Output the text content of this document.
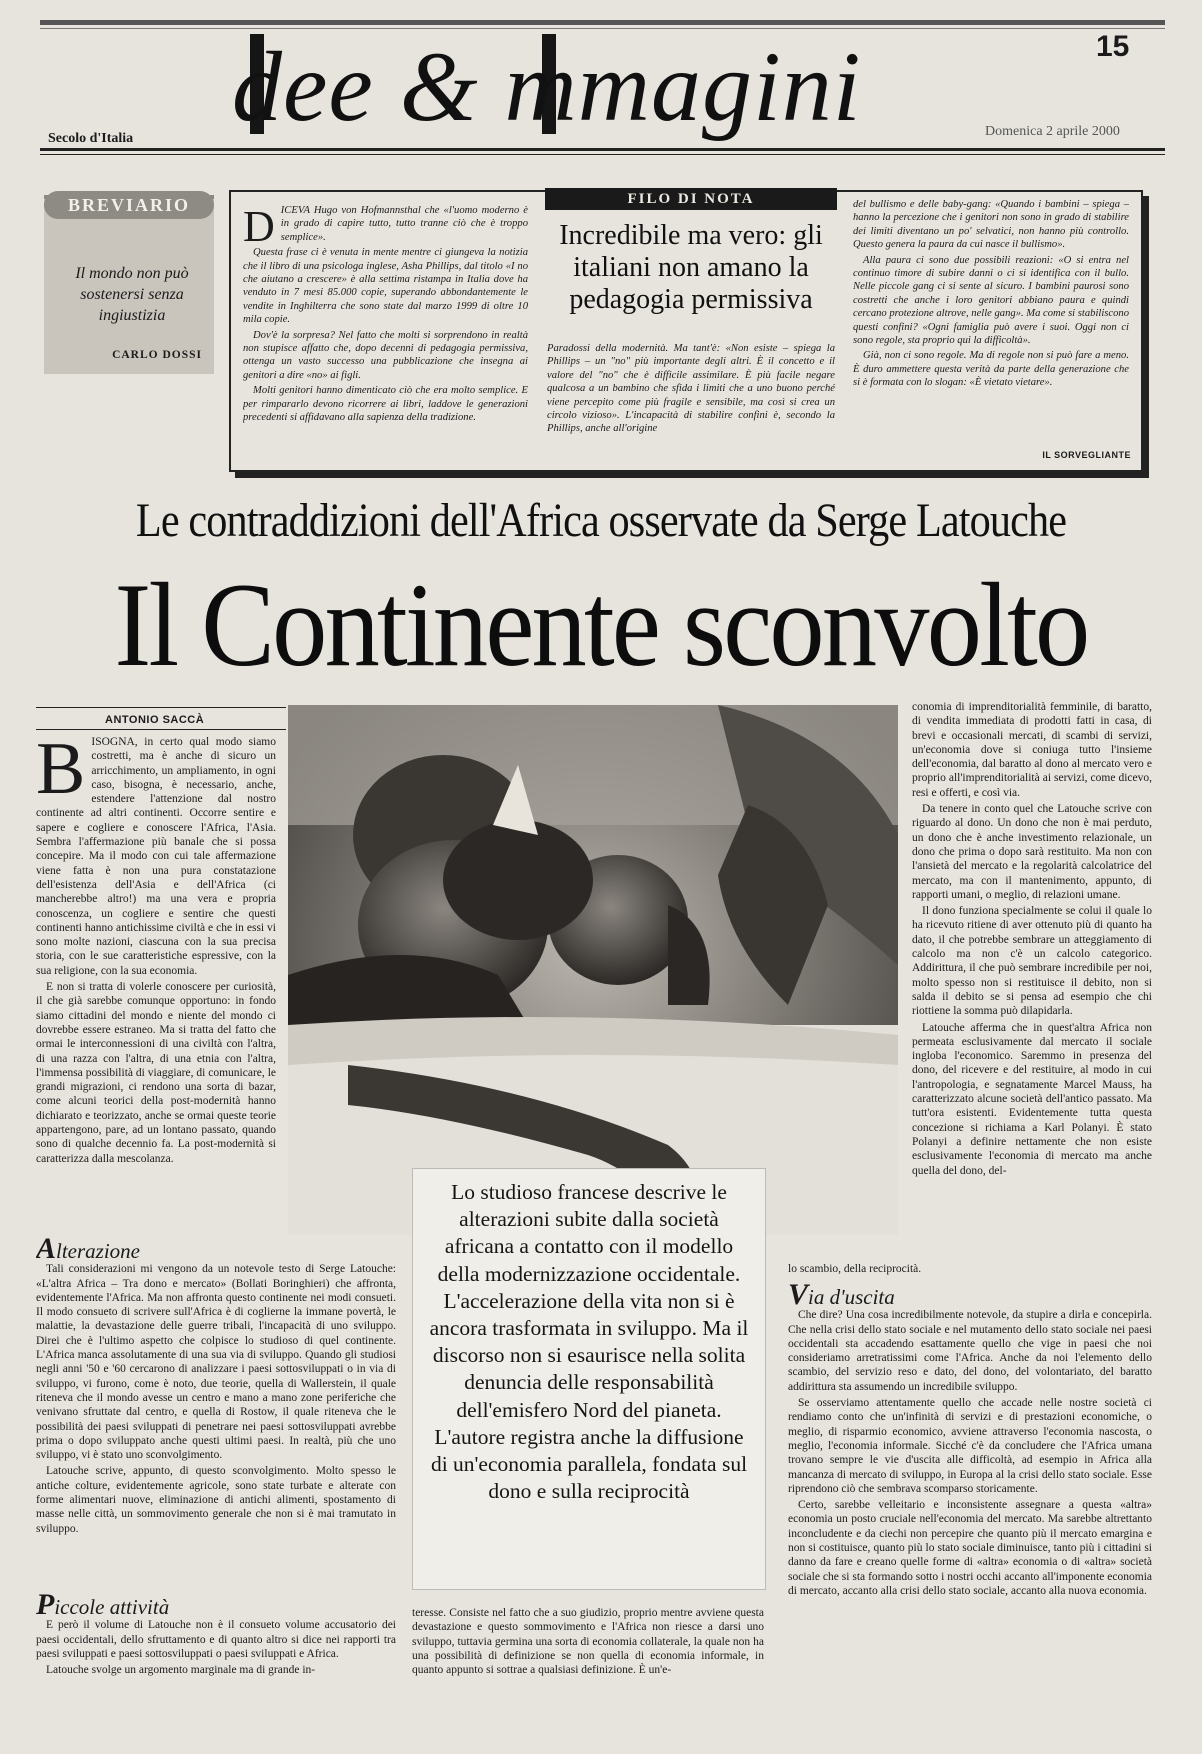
15
dee & mmagini
Secolo d'Italia	Domenica 2 aprile 2000
BREVIARIO
Il mondo non può sostenersi senza ingiustizia
CARLO DOSSI
D ICEVA Hugo von Hofmannsthal che «l'uomo moderno è in grado di capire tutto, tutto tranne ciò che è troppo semplice».

Questa frase ci è venuta in mente mentre ci giungeva la notizia che il libro di una psicologa inglese, Asha Phillips, dal titolo «I no che aiutano a crescere» è alla settima ristampa in Italia dove ha venduto in 7 mesi 85.000 copie, superando abbondantemente le vendite in Inghilterra che sono state dal marzo 1999 di oltre 10 mila copie.

Dov'è la sorpresa? Nel fatto che molti si sorprendono in realtà non stupisce affatto che, dopo decenni di pedagogia permissiva, ottenga un vasto successo una pubblicazione che insegna ai genitori a dire «no» ai figli.

Molti genitori hanno dimenticato ciò che era molto semplice. E per rimpararlo devono ricorrere ai libri, laddove le generazioni precedenti si affidavano alla sapienza della tradizione.

FILO DI NOTA
Incredibile ma vero: gli italiani non amano la pedagogia permissiva
Paradossi della modernità. Ma tant'è: «Non esiste – spiega la Phillips – un "no" più importante degli altri. È il concetto e il valore del "no" che è difficile assimilare. È più facile negare qualcosa a un bambino che sfida i limiti che a uno buono perché viene percepito come più fragile e sensibile, ma così si crea un circolo vizioso». L'incapacità di stabilire confini è, secondo la Phillips, anche all'origine

del bullismo e delle baby-gang: «Quando i bambini – spiega – hanno la percezione che i genitori non sono in grado di stabilire dei limiti diventano un po' selvatici, non hanno più controllo. Questo genera la paura da cui nasce il bullismo».

Alla paura ci sono due possibili reazioni: «O si entra nel continuo timore di subire danni o ci si identifica con il bullo. Nelle piccole gang ci si sente al sicuro. I bambini paurosi sono costretti che anche i loro genitori abbiano paura e quindi cercano protezione altrove, nelle gang». Ma come si stabiliscono questi confini? «Ogni famiglia può avere i suoi. Oggi non ci sono regole, sta proprio qui la difficoltà».

Già, non ci sono regole. Ma di regole non si può fare a meno. È duro ammettere questa verità da parte della generazione che si è formata con lo slogan: «È vietato vietare».

IL SORVEGLIANTE
Le contraddizioni dell'Africa osservate da Serge Latouche
Il Continente sconvolto
ANTONIO SACCÀ
B ISOGNA, in certo qual modo siamo costretti, ma è anche di sicuro un arricchimento, un ampliamento, in ogni caso, bisogna, è necessario, anche, estendere l'attenzione dal nostro continente ad altri continenti. Occorre sentire e sapere e cogliere e conoscere l'Africa, l'Asia. Sembra l'affermazione più banale che si possa concepire. Ma il modo con cui tale affermazione viene fatta è non una pura constatazione dell'esistenza dell'Asia e dell'Africa (ci mancherebbe altro!) ma una vera e propria conoscenza, un cogliere e sentire che questi continenti hanno antichissime civiltà e che in essi vi sono molte nazioni, ciascuna con la sua precisa storia, con le sue caratteristiche espressive, con la sua religione, con la sua economia.

E non si tratta di volerle conoscere per curiosità, il che già sarebbe comunque opportuno: in fondo siamo cittadini del mondo e niente del mondo ci dovrebbe essere estraneo. Ma si tratta del fatto che ormai le interconnessioni di una civiltà con l'altra, di una razza con l'altra, di una etnia con l'altra, l'immensa possibilità di viaggiare, di comunicare, le grandi migrazioni, ci rendono una sorta di bazar, come alcuni teorici della post-modernità hanno dichiarato e teorizzato, anche se ormai queste teorie appartengono, pare, ad un lontano passato, quando sono di qualche decennio fa. La post-modernità si caratterizza dalla mescolanza.

Alterazione

Tali considerazioni mi vengono da un notevole testo di Serge Latouche: «L'altra Africa – Tra dono e mercato» (Bollati Boringhieri) che affronta, evidentemente l'Africa. Ma non affronta questo continente nei modi consueti. Il modo consueto di scrivere sull'Africa è di coglierne la immane povertà, le malattie, la devastazione delle guerre tribali, l'incapacità di uno sviluppo. Direi che è l'ultimo aspetto che colpisce lo studioso di quel continente. L'Africa manca assolutamente di una sua via di sviluppo. Quando gli studiosi negli anni '50 e '60 cercarono di analizzare i paesi sottosviluppati o in via di sviluppo, vi furono, come è noto, due teorie, quella di Wallerstein, il quale riteneva che il mondo avesse un centro e mano a mano zone periferiche che venivano sfruttate dal centro, e quella di Rostow, il quale riteneva che le possibilità dei paesi sviluppati di penetrare nei paesi sottosviluppati avrebbe prima o dopo sviluppato anche questi ultimi paesi. In realtà, più che uno sviluppo, vi è stato uno sconvolgimento.

Latouche scrive, appunto, di questo sconvolgimento. Molto spesso le antiche colture, evidentemente agricole, sono state turbate e alterate con forme alimentari nuove, eliminazione di antichi alimenti, spostamento di masse nelle città, un sommovimento generale che non si è mai tramutato in sviluppo.

Piccole attività

E però il volume di Latouche non è il consueto volume accusatorio dei paesi occidentali, dello sfruttamento e di quanto altro si dice nei rapporti tra paesi sviluppati e paesi sottosviluppati o paesi sviluppati e Africa.

Latouche svolge un argomento marginale ma di grande in-

Lo studioso francese descrive le alterazioni subite dalla società africana a contatto con il modello della modernizzazione occidentale. L'accelerazione della vita non si è ancora trasformata in sviluppo. Ma il discorso non si esaurisce nella solita denuncia delle responsabilità dell'emisfero Nord del pianeta. L'autore registra anche la diffusione di un'economia parallela, fondata sul dono e sulla reciprocità
teresse. Consiste nel fatto che a suo giudizio, proprio mentre avviene questa devastazione e questo sommovimento e l'Africa non riesce a darsi uno sviluppo, tuttavia germina una sorta di economia collaterale, la quale non ha una possibilità di definizione se non quella di economia informale, in quanto appunto si sottrae a qualsiasi definizione. È un'e-

conomia di imprenditorialità femminile, di baratto, di vendita immediata di prodotti fatti in casa, di brevi e occasionali mercati, di scambi di servizi, un'economia dove si coniuga tutto l'insieme dell'economia, dal baratto al dono al mercato vero e proprio all'imprenditorialità ai servizi, come dicevo, resi e offerti, e così via.

Da tenere in conto quel che Latouche scrive con riguardo al dono. Un dono che non è mai perduto, un dono che è anche investimento relazionale, un dono che prima o dopo sarà restituito. Ma non con l'ansietà del mercato e la regolarità calcolatrice del mercato, ma con il mantenimento, appunto, di rapporti umani, o meglio, di relazioni umane.

Il dono funziona specialmente se colui il quale lo ha ricevuto ritiene di aver ottenuto più di quanto ha dato, il che potrebbe sembrare un atteggiamento di calcolo ma non c'è un calcolo categorico. Addirittura, il che può sembrare incredibile per noi, molto spesso non si restituisce il debito, non si salda il debito se si pensa ad esempio che chi riottiene la somma può dilapidarla.

Latouche afferma che in quest'altra Africa non permeata esclusivamente dal mercato il sociale ingloba l'economico. Saremmo in presenza del dono, del ricevere e del restituire, al modo in cui l'antropologia, e segnatamente Marcel Mauss, ha caratterizzato alcune società dell'antico passato. Ma tutt'ora esistenti. Evidentemente tutta questa concezione si richiama a Karl Polanyi. È stato Polanyi a definire nettamente che non esiste esclusivamente l'economia di mercato ma anche quella del dono, del-

lo scambio, della reciprocità.
Via d'uscita

Che dire? Una cosa incredibilmente notevole, da stupire a dirla e concepirla. Che nella crisi dello stato sociale e nel mutamento dello stato sociale nei paesi occidentali sta accadendo esattamente quello che vige in paesi che noi consideriamo arretratissimi come l'Africa. Anche da noi l'elemento dello scambio, del servizio reso e dato, del dono, del volontariato, del baratto addirittura sta assumendo un incredibile sviluppo.

Se osserviamo attentamente quello che accade nelle nostre società ci rendiamo conto che un'infinità di servizi e di prestazioni economiche, o meglio, di risparmio economico, avviene attraverso l'economia nascosta, o meglio, l'economia informale. Sicché c'è da concludere che l'Africa umana trovano sempre le vie d'uscita alle difficoltà, ad esempio in Africa alla mancanza di mercato di sviluppo, in Europa al la crisi dello stato sociale. Esse riprendono ciò che sembrava scomparso storicamente.

Certo, sarebbe velleitario e inconsistente assegnare a questa «altra» economia un posto cruciale nell'economia del mercato. Ma sarebbe altrettanto inconcludente e da ciechi non percepire che quanto più il mercato emargina e non si costituisce, quanto più lo stato sociale diminuisce, tanto più i cittadini si danno da fare e creano quelle forme di «altra» economia o di «altra» società sociale che si sta formando sotto i nostri occhi accanto all'imponente economia di mercato, accanto alla crisi dello stato sociale, accanto alla nuova economia.
